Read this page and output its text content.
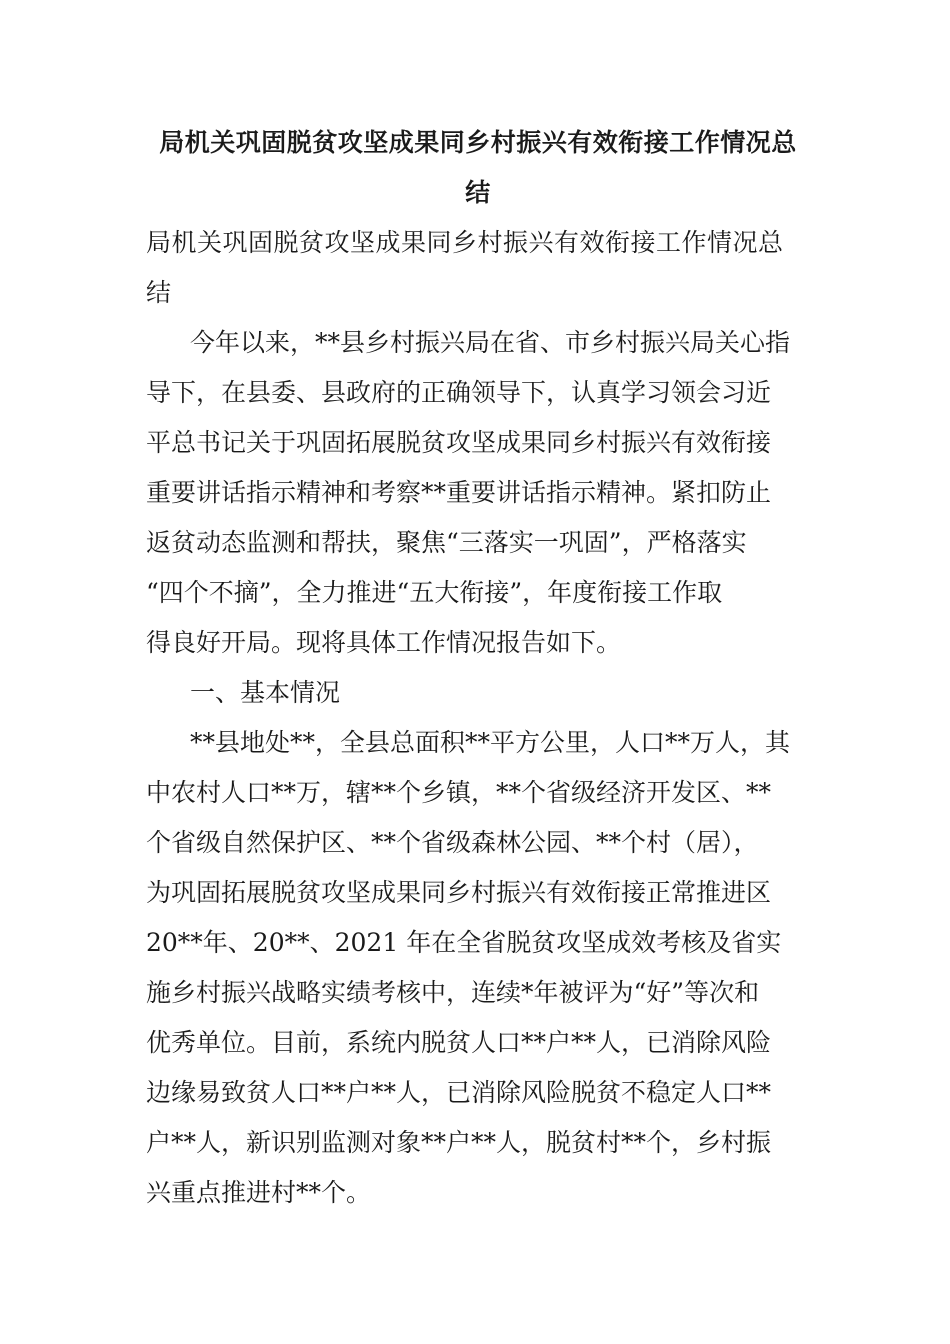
局机关巩固脱贫攻坚成果同乡村振兴有效衔接工作情况总
结
局机关巩固脱贫攻坚成果同乡村振兴有效衔接工作情况总
结
今年以来，**县乡村振兴局在省、市乡村振兴局关心指
导下，在县委、县政府的正确领导下，认真学习领会习近
平总书记关于巩固拓展脱贫攻坚成果同乡村振兴有效衔接
重要讲话指示精神和考察**重要讲话指示精神。紧扣防止
返贫动态监测和帮扶，聚焦“三落实一巩固”，严格落实
“四个不摘”，全力推进“五大衔接”，年度衔接工作取
得良好开局。现将具体工作情况报告如下。
一、基本情况
**县地处**，全县总面积**平方公里，人口**万人，其
中农村人口**万，辖**个乡镇，**个省级经济开发区、**
个省级自然保护区、**个省级森林公园、**个村（居），
为巩固拓展脱贫攻坚成果同乡村振兴有效衔接正常推进区
20**年、20**、2021 年在全省脱贫攻坚成效考核及省实
施乡村振兴战略实绩考核中，连续*年被评为“好”等次和
优秀单位。目前，系统内脱贫人口**户**人，已消除风险
边缘易致贫人口**户**人，已消除风险脱贫不稳定人口**
户**人，新识别监测对象**户**人，脱贫村**个，乡村振
兴重点推进村**个。
